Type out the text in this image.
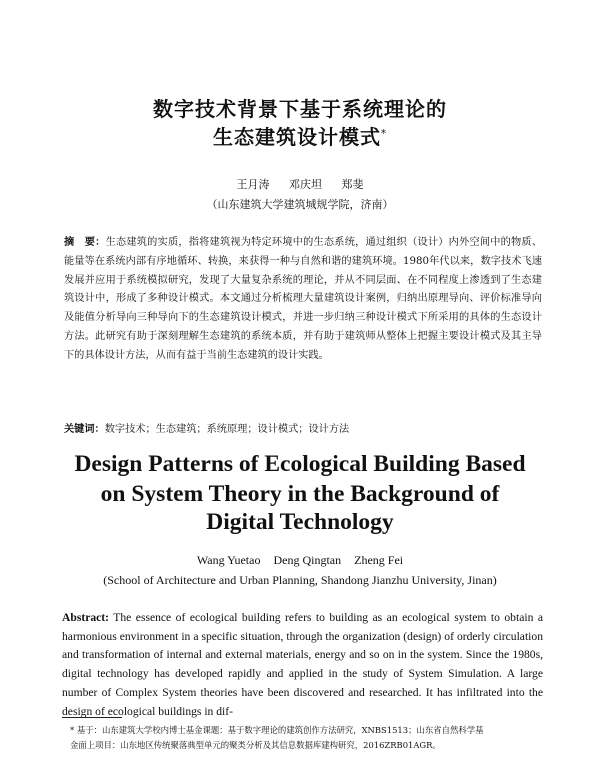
数字技术背景下基于系统理论的
生态建筑设计模式*
王月涛 邓庆坦 郑斐
（山东建筑大学建筑城规学院，济南）
摘　要：生态建筑的实质，指将建筑视为特定环境中的生态系统，通过组织（设计）内外空间中的物质、能量等在系统内部有序地循环、转换，来获得一种与自然和谐的建筑环境。1980年代以来，数字技术飞速发展并应用于系统模拟研究，发现了大量复杂系统的理论，并从不同层面、在不同程度上渗透到了生态建筑设计中，形成了多种设计模式。本文通过分析梳理大量建筑设计案例，归纳出原理导向、评价标准导向及能值分析导向三种导向下的生态建筑设计模式，并进一步归纳三种设计模式下所采用的具体的生态设计方法。此研究有助于深刻理解生态建筑的系统本质，并有助于建筑师从整体上把握主要设计模式及其主导下的具体设计方法，从而有益于当前生态建筑的设计实践。
关键词：数字技术；生态建筑；系统原理；设计模式；设计方法
Design Patterns of Ecological Building Based
on System Theory in the Background of
Digital Technology
Wang Yuetao Deng Qingtan Zheng Fei
(School of Architecture and Urban Planning, Shandong Jianzhu University, Jinan)
Abstract: The essence of ecological building refers to building as an ecological system to obtain a harmonious environment in a specific situation, through the organization (design) of orderly circulation and transformation of internal and external materials, energy and so on in the system. Since the 1980s, digital technology has developed rapidly and applied in the study of System Simulation. A large number of Complex System theories have been discovered and researched. It has infiltrated into the design of ecological buildings in dif-
* 基于：山东建筑大学校内博士基金课题：基于数字理论的建筑创作方法研究，XNBS1513；山东省自然科学基
金面上项目：山东地区传统聚落典型单元的聚类分析及其信息数据库建构研究，2016ZRB01AGR。
